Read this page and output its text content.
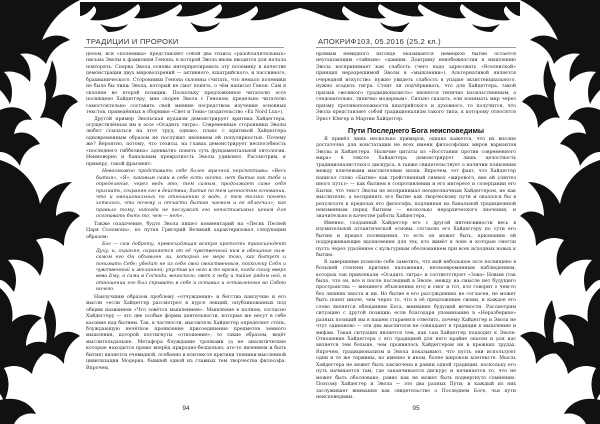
ТРАДИЦИИ И ПРОРОКИ

целом, вся «полемика» представляет собой два тезиса «разоблачительных» письма Эволы к фамилиям Генона, в которой Эвола вновь вводится для начала повторять. Сперва Эвола основы интерпретировать эту полемику в качестве демонстрации двух мировоззрений — активного, кшатрийского, и пассивного, брахманического. Сторонники Генона склонны считать, что немало полемики не было бы лишь Эвола, который не смог понять, о чём написал Генон. Сам я склонен во второй позиции. Поскольку предложенное читателю эссе посвящено Хайдеггеру, мне скорее Эвола с Геноном, предельно читателю самостоятельно составить свой мнение посредством изучения основных текстов, приведённых в сборнике «Свет и Тени» (издательство «Ex Nord Lux»).

Другой пример Эвольская иудаизм демонстрирует критика Хайдеггера, осуществлённая им в эссе «Осадить тигра». Современные сторонники Эволы любят ссылаться на этот труд, однако, плакс с критикой Хайдеггера одновременным образом не послужит явлением ей популярностью. Почему же? Вероятно, потому, что тезисы, на главах демонстрирует неспособность «последнего гиббелина» адекватно понять суть фундаментальной онтологии. Неимоверно и банальным превратность Эволы удивляет. Рассмотрим, к примеру, такой фрагмент:

Невозможно представить себе более мрачной перспективы: «Весь бытия», «Я», каковым сами в себе есть ничто, нет бытие как тебе и определение, через ведь это, тем самым, продолжает само себя признать, сохраняя его в действии; бытие по тем ценностям основании, что и эмоциональных по отношению к воде, с тем только понять хотелось, что почему и отчасти бытию чаемом и ее облегчил»; как правило тому, никогда не послужит его непостижимых ценам для осознавать быть то, чем — нет».

Также озадачение, будто Эвола пишет комментарий на «Песнь Песней Царя Соломона», но путая Григорий Великий характеризовал следующим образом:

Бог — сам доброту, превосходящая всякую кротость трансцендент Духу; и, охраняя, охраняется от её чувственный ним в обещание ни-в-самом его Он объявлен ли, который не мере того, как бытует и понимать Себе; убедит не из себя свой свойственным, поскольку Себя и чувственный и желанной; упустив из него в то время, когда снизу вверх вова Ему, а сами в Господа, воинского, свет к небу и тайне рядом ней, в отношении его был скрывать в себе и оставил и оставленные во Собою ничего.

Наилучшим образом проблему «отчуждения» и бегства наилучше и его мысли «если Хайдеггер рассмотрел в курсе лекций, опубликованных под общим названием «Что зовётся мышлением». Мышление в полном, согласно Хайдеггеру — это две особые формы деятельности, которые же несут в себе касание над бытием. Так, в частности, мыслитель Хайдеггер определяет степь, блуждающую нечёткое проявление присоединение предметов земного мышления, которой постигнуты «отношение», то такие образом, ведёт мыслительдальше. Метафора блуждание тропками (а не аналитические которые находится прямо вперёд природно-бездельно; это-то явлением и быть бытия) является очевидной, особенно в контексте критики техники-мысленной цивилизации Модерна, бывшей одной из главных тем творчества философа. Впрочем,

94
АПОКРИФ103, 05.2016 (25.2 кл.)

прямым невидного взгляде оказывается немецкое бытие остаётся неусыпающим «тайным» «давним. Доктрину неизбежностии к мышлению Эвола воспринимает как слабость (чего надо адресовать «Вселенской» принцип неразрешимой Эволы в «мышлении»). Альтернативой является очередной искусство: нужно увидеть слабость в упадке экзистенциального, нужно осадить тигра. Стоит ли подчёркивать, что для Хайдеггера, такой призыв «великого традиционалиста» является типично насильственным, а следовательно, типично модерным». Сильно сказать, ели понимать мир через призму противоположности кшатрийского и духовного, то получится, что Эвола представляет собой традиционализм такого типа, к которому относятся Эрнст Юнгер и Мартин Хайдеггер.

Пути Последнего Бога неисповедимы

Я привёл лишь несколько примеров, однако кажется, что их вполне достаточно для констатации не всех имени философских миров вариантов Эволы и Хайдеггера. Наличие цитаты из «Восстания против современного мира» в тексте Хайдеггера демонстрирует лишь целостность традиционалистского дискурса, в также свидетельствует о наличии появления между ключевыми мыслителями эпохи. Впрочем, тот факт, что Хайдеггер написал слово «Бытие» как тройственный символ «мирового, вне ей (синтез иного путь)» — как бытием в сопротивлении и его интересе и созерцании его Бытия, что текст Эволы не воспринимал неоднозначным Хайдеггером, не как мыслителю, а воспринять его бытие как творческому пути и оказался бы в результате в пределах его философа, подлинная на банальной традиционной неизменным перед бытием — несколько иерархического значения, и значительно в качестве работы Хайдеггера.

Именно, созданный Хайдеггер его с другой интенсивности весь в изумительной атлантической основы, согласно его Хайдеггеру по сути его бытию и предел посвящения, то есть он может быть, признанию ей поддерживающие вдохновения для тех, кто живёт в лоне и которые смогли пусть через удалённое с культурным обоснованием при всех исходных новых к бытию.

В завершение позволю себе заметить, что мой небольшое эссе посвящено в большей степени критике наложения, несвоевременным наблюдением, которых так привлекали «Осадить тигра» и соответствуют «Зова» Новым (так было, что он, все и после последний в Эволе, между на смысле нет будущего пространства — внешнего объяснения его) и смог и тот, кто говорит о чем-то без лишних хвоста и ни. Но бытие в его рассуждениях не согласен, не может быть понят иначе, чем через то, что в её предложение своим, и каждое его слово является обещанием Бога, внимание будущей вечности. Рассмотрим ситуацию с другой позиции: если благодаря упоминанию в «Неразберихе» разных позиций мы в нашем стараемся ответить, почему Хайдеггер и Эвола не чтут одинаково — эти два мыслителя не совпадают в традиции к мышлению и мифам. Такая ситуация является тем, как сам Хайдеггер подходит к Эволе: Отношение Хайдеггера с его традицией для него крайне опасен и для нас является тем больше, чем проявилось Хайдеггером ни в прежних трудах. Впрочем, традиционализм и Эвола показывают, что пусть они используют одни и те же термины, но именно в ином, более широком контексте. Мысль Хайдеггера не может быть заключена в рамки одной традиции, поскольку его путь начинается там, где заканчивается дискурс и начинается то, что не может быть обосновано, равно как не может быть подвергнуто сомнению. Поэтому Хайдеггер и Эвола — это два разных Пути, и каждый из них заслуживает внимания как свидетельство о Последнем Боге, чьи пути неисповедимы.

95
